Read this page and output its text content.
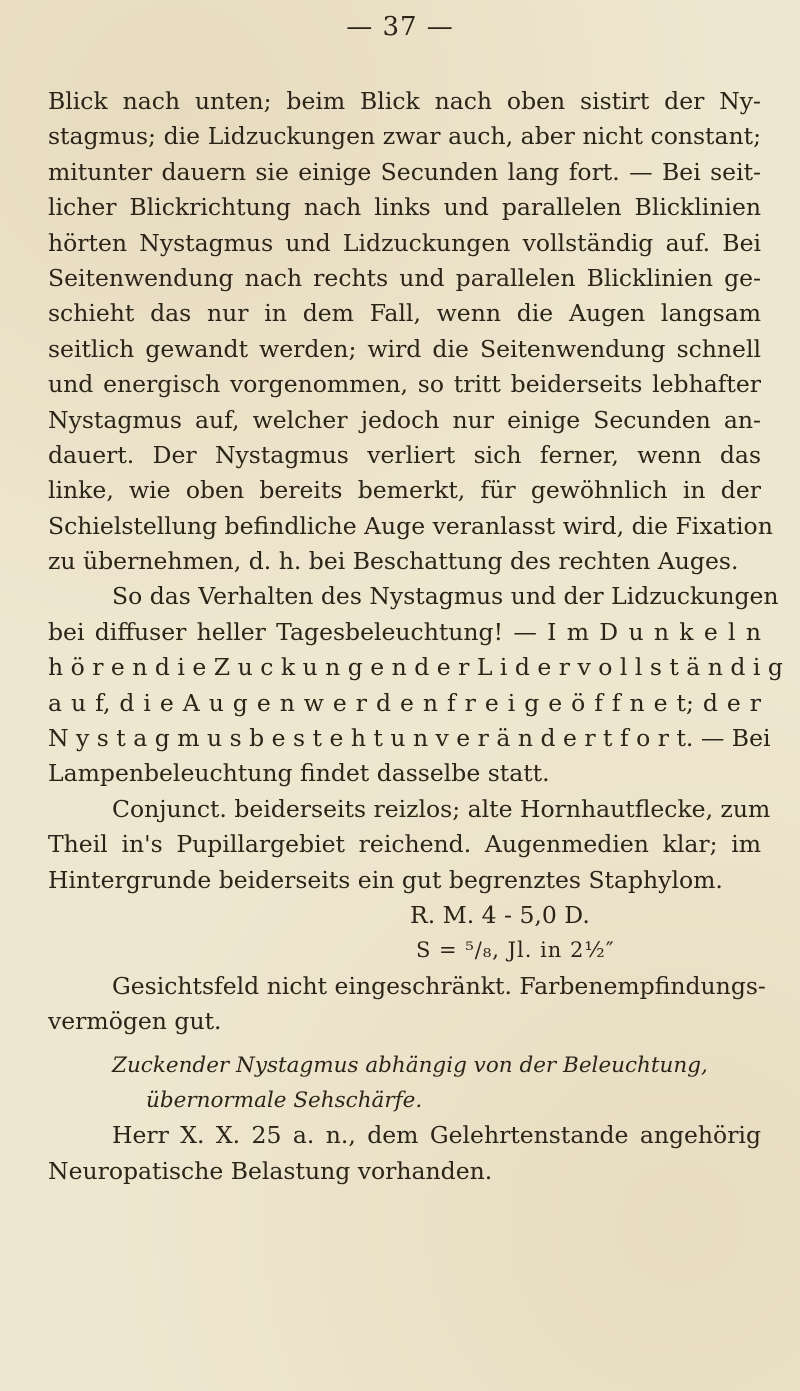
— 37 —
Blick nach unten; beim Blick nach oben sistirt der Ny-
stagmus; die Lidzuckungen zwar auch, aber nicht constant;
mitunter dauern sie einige Secunden lang fort. — Bei seit-
licher Blickrichtung nach links und parallelen Blicklinien
hörten Nystagmus und Lidzuckungen vollständig auf. Bei
Seitenwendung nach rechts und parallelen Blicklinien ge-
schieht das nur in dem Fall, wenn die Augen langsam
seitlich gewandt werden; wird die Seitenwendung schnell
und energisch vorgenommen, so tritt beiderseits lebhafter
Nystagmus auf, welcher jedoch nur einige Secunden an-
dauert. Der Nystagmus verliert sich ferner, wenn das
linke, wie oben bereits bemerkt, für gewöhnlich in der
Schielstellung befindliche Auge veranlasst wird, die Fixation
zu übernehmen, d. h. bei Beschattung des rechten Auges.
So das Verhalten des Nystagmus und der Lidzuckungen
bei diffuser heller Tagesbeleuchtung! — I m D u n k e l n
h ö r e n d i e Z u c k u n g e n d e r L i d e r v o l l s t ä n d i g
a u f, d i e A u g e n w e r d e n f r e i g e ö f f n e t; d e r
N y s t a g m u s b e s t e h t u n v e r ä n d e r t f o r t. — Bei
Lampenbeleuchtung findet dasselbe statt.
Conjunct. beiderseits reizlos; alte Hornhautflecke, zum
Theil in's Pupillargebiet reichend. Augenmedien klar; im
Hintergrunde beiderseits ein gut begrenztes Staphylom.
R. M. 4 - 5,0 D.
S = ⁵/₈, Jl. in 2½″
Gesichtsfeld nicht eingeschränkt. Farbenempfindungs-
vermögen gut.
Zuckender Nystagmus abhängig von der Beleuchtung,
übernormale Sehschärfe.
Herr X. X. 25 a. n., dem Gelehrtenstande angehörig
Neuropatische Belastung vorhanden.
